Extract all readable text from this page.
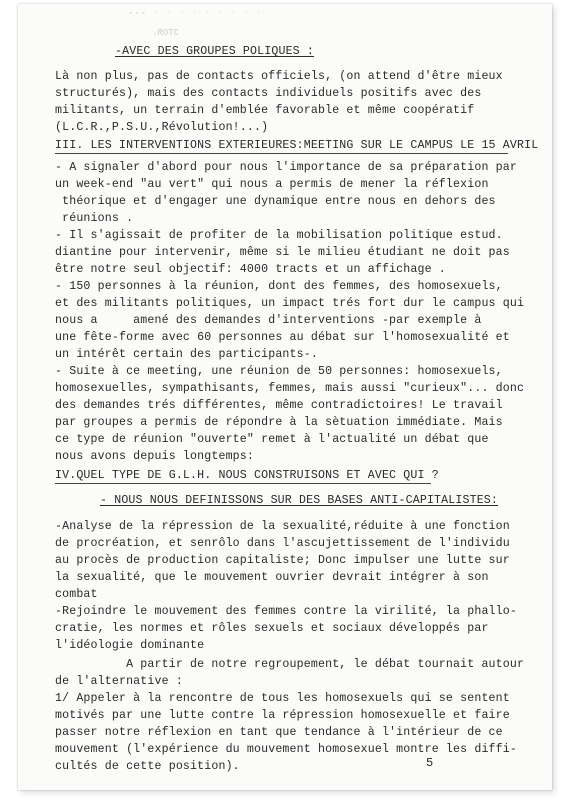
ˆˆˆ ˙ ˙ ˙ ˙ ˙ ˙ ˙ ˙ ˙
.ROTC
-AVEC DES GROUPES POLIQUES :
Là non plus, pas de contacts officiels, (on attend d'être mieux
structurés), mais des contacts individuels positifs avec des
militants, un terrain d'emblée favorable et même coopératif
(L.C.R.,P.S.U.,Révolution!...)
III. LES INTERVENTIONS EXTERIEURES:MEETING SUR LE CAMPUS LE 15 AVRIL
- A signaler d'abord pour nous l'importance de sa préparation par
un week-end "au vert" qui nous a permis de mener la réflexion
théorique et d'engager une dynamique entre nous en dehors des
réunions .
- Il s'agissait de profiter de la mobilisation politique estud.
diantine pour intervenir, même si le milieu étudiant ne doit pas
être notre seul objectif: 4000 tracts et un affichage .
- 150 personnes à la réunion, dont des femmes, des homosexuels,
et des militants politiques, un impact trés fort dur le campus qui
nous a     amené des demandes d'interventions -par exemple à
une fête-forme avec 60 personnes au débat sur l'homosexualité et
un intérêt certain des participants-.
- Suite à ce meeting, une réunion de 50 personnes: homosexuels,
homosexuelles, sympathisants, femmes, mais aussi "curieux"... donc
des demandes trés différentes, même contradictoires! Le travail
par groupes a permis de répondre à la sètuation immédiate. Mais
ce type de réunion "ouverte" remet à l'actualité un débat que
nous avons depuis longtemps:
IV.QUEL TYPE DE G.L.H. NOUS CONSTRUISONS ET AVEC QUI ?
- NOUS NOUS DEFINISSONS SUR DES BASES ANTI-CAPITALISTES:
-Analyse de la répression de la sexualité,réduite à une fonction
de procréation, et senrôlo dans l'ascujettissement de l'individu
au procès de production capitaliste; Donc impulser une lutte sur
la sexualité, que le mouvement ouvrier devrait intégrer à son
combat
-Rejoindre le mouvement des femmes contre la virilité, la phallo-
cratie, les normes et rôles sexuels et sociaux développés par
l'idéologie dominante
A partir de notre regroupement, le débat tournait autour
de l'alternative :
1/ Appeler à la rencontre de tous les homosexuels qui se sentent
motivés par une lutte contre la répression homosexuelle et faire
passer notre réflexion en tant que tendance à l'intérieur de ce
mouvement (l'expérience du mouvement homosexuel montre les diffi-
cultés de cette position).	5
